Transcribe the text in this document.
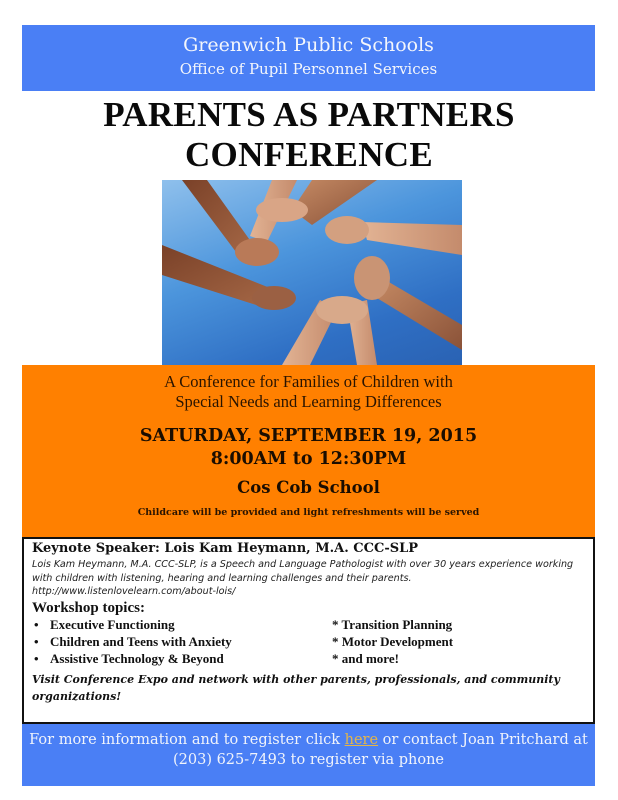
Greenwich Public Schools
Office of Pupil Personnel Services
PARENTS AS PARTNERS
CONFERENCE
A Conference for Families of Children with
Special Needs and Learning Differences
SATURDAY, SEPTEMBER 19, 2015
8:00AM to 12:30PM
Cos Cob School
Childcare will be provided and light refreshments will be served
Keynote Speaker: Lois Kam Heymann, M.A. CCC-SLP
Lois Kam Heymann, M.A. CCC-SLP, is a Speech and Language Pathologist with over 30 years experience working with children with listening, hearing and learning challenges and their parents. http://www.listenlovelearn.com/about-lois/
Workshop topics:
• Executive Functioning	* Transition Planning
• Children and Teens with Anxiety	* Motor Development
• Assistive Technology & Beyond	* and more!
Visit Conference Expo and network with other parents, professionals, and community organizations!
For more information and to register click here or contact Joan Pritchard at (203) 625-7493 to register via phone
